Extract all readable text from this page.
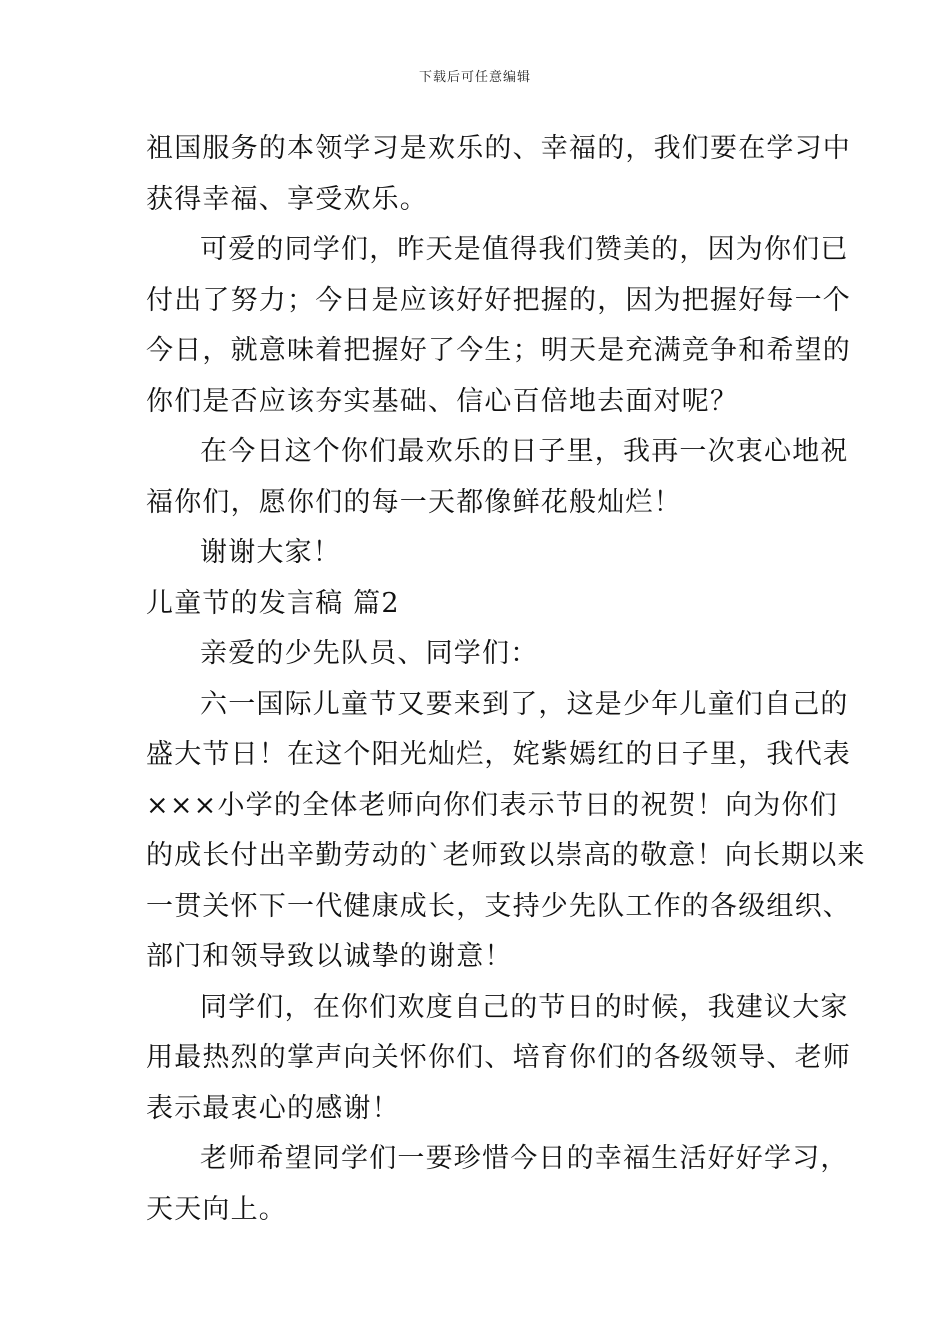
下载后可任意编辑
祖国服务的本领学习是欢乐的、幸福的，我们要在学习中
获得幸福、享受欢乐。
可爱的同学们，昨天是值得我们赞美的，因为你们已
付出了努力；今日是应该好好把握的，因为把握好每一个
今日，就意味着把握好了今生；明天是充满竞争和希望的
你们是否应该夯实基础、信心百倍地去面对呢？
在今日这个你们最欢乐的日子里，我再一次衷心地祝
福你们，愿你们的每一天都像鲜花般灿烂！
谢谢大家！
儿童节的发言稿 篇2
亲爱的少先队员、同学们：
六一国际儿童节又要来到了，这是少年儿童们自己的
盛大节日！在这个阳光灿烂，姹紫嫣红的日子里，我代表
×××小学的全体老师向你们表示节日的祝贺！向为你们
的成长付出辛勤劳动的`老师致以崇高的敬意！向长期以来
一贯关怀下一代健康成长，支持少先队工作的各级组织、
部门和领导致以诚挚的谢意！
同学们，在你们欢度自己的节日的时候，我建议大家
用最热烈的掌声向关怀你们、培育你们的各级领导、老师
表示最衷心的感谢！
老师希望同学们一要珍惜今日的幸福生活好好学习，
天天向上。
